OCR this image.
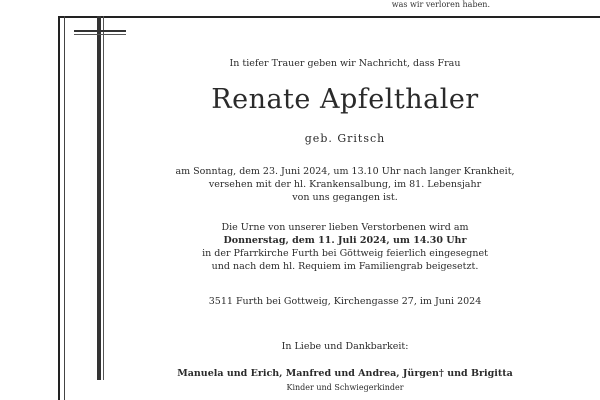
was wir verloren haben.
In tiefer Trauer geben wir Nachricht, dass Frau
Renate Apfelthaler
geb. Gritsch
am Sonntag, dem 23. Juni 2024, um 13.10 Uhr nach langer Krankheit,
versehen mit der hl. Krankensalbung, im 81. Lebensjahr
von uns gegangen ist.
Die Urne von unserer lieben Verstorbenen wird am
Donnerstag, dem 11. Juli 2024, um 14.30 Uhr
in der Pfarrkirche Furth bei Göttweig feierlich eingesegnet
und nach dem hl. Requiem im Familiengrab beigesetzt.
3511 Furth bei Gottweig, Kirchengasse 27, im Juni 2024
In Liebe und Dankbarkeit:
Manuela und Erich, Manfred und Andrea, Jürgen† und Brigitta
Kinder und Schwiegerkinder
